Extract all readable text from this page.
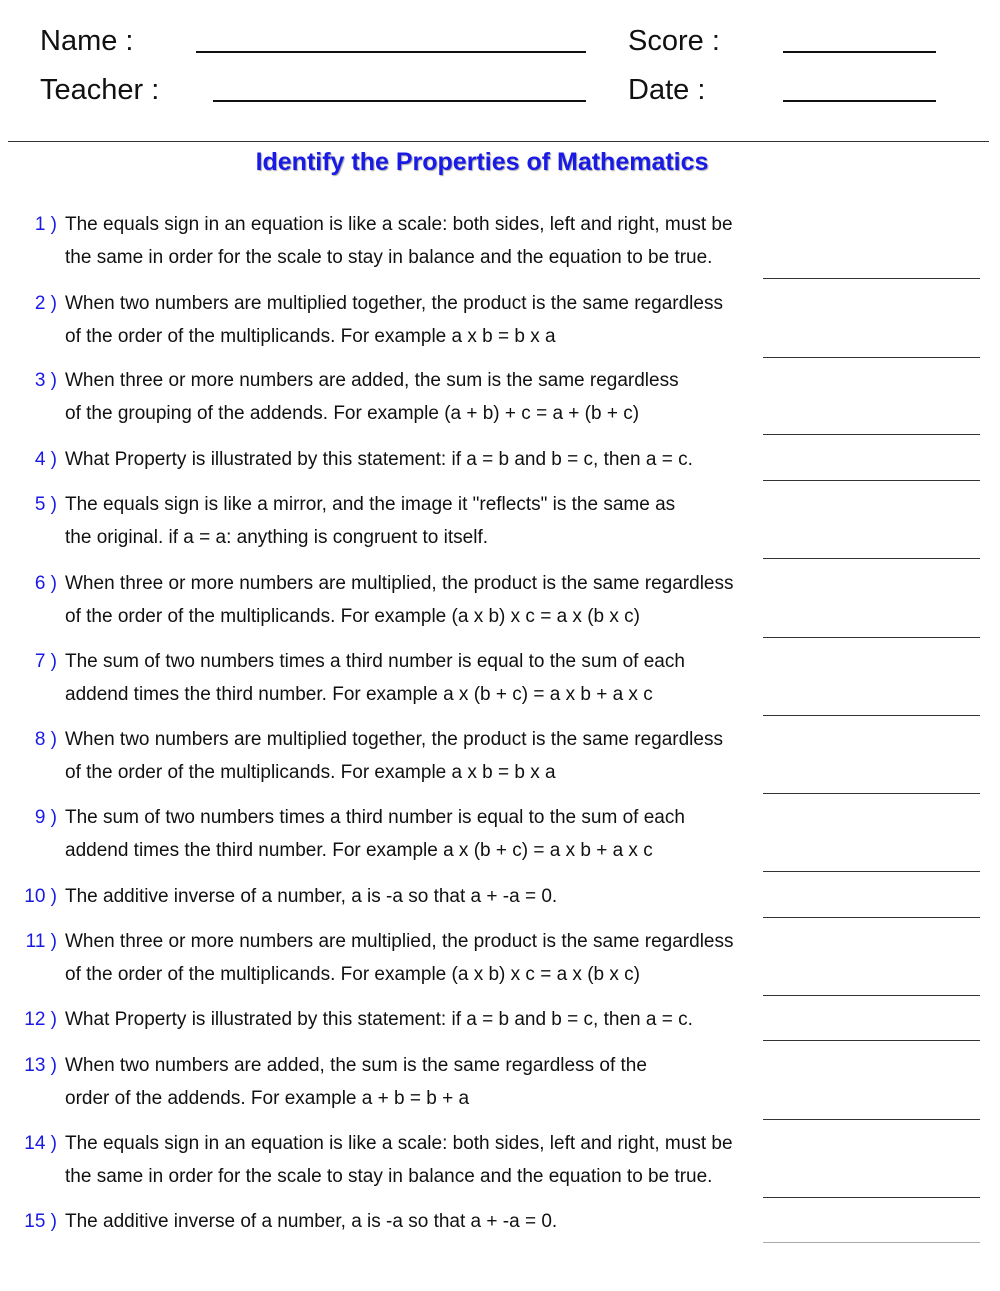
Name :	Score :
Teacher :	Date :
Identify the Properties of Mathematics
1 ) The equals sign in an equation is like a scale: both sides, left and right, must be
the same in order for the scale to stay in balance and the equation to be true.
2 ) When two numbers are multiplied together, the product is the same regardless
of the order of the multiplicands. For example a x b = b x a
3 ) When three or more numbers are added, the sum is the same regardless
of the grouping of the addends. For example (a + b) + c = a + (b + c)
4 ) What Property is illustrated by this statement: if a = b and b = c, then a = c.
5 ) The equals sign is like a mirror, and the image it "reflects" is the same as
the original. if a = a: anything is congruent to itself.
6 ) When three or more numbers are multiplied, the product is the same regardless
of the order of the multiplicands. For example (a x b) x c = a x (b x c)
7 ) The sum of two numbers times a third number is equal to the sum of each
addend times the third number. For example a x (b + c) = a x b + a x c
8 ) When two numbers are multiplied together, the product is the same regardless
of the order of the multiplicands. For example a x b = b x a
9 ) The sum of two numbers times a third number is equal to the sum of each
addend times the third number. For example a x (b + c) = a x b + a x c
10 ) The additive inverse of a number, a is -a so that a + -a = 0.
11 ) When three or more numbers are multiplied, the product is the same regardless
of the order of the multiplicands. For example (a x b) x c = a x (b x c)
12 ) What Property is illustrated by this statement: if a = b and b = c, then a = c.
13 ) When two numbers are added, the sum is the same regardless of the
order of the addends. For example a + b = b + a
14 ) The equals sign in an equation is like a scale: both sides, left and right, must be
the same in order for the scale to stay in balance and the equation to be true.
15 ) The additive inverse of a number, a is -a so that a + -a = 0.
